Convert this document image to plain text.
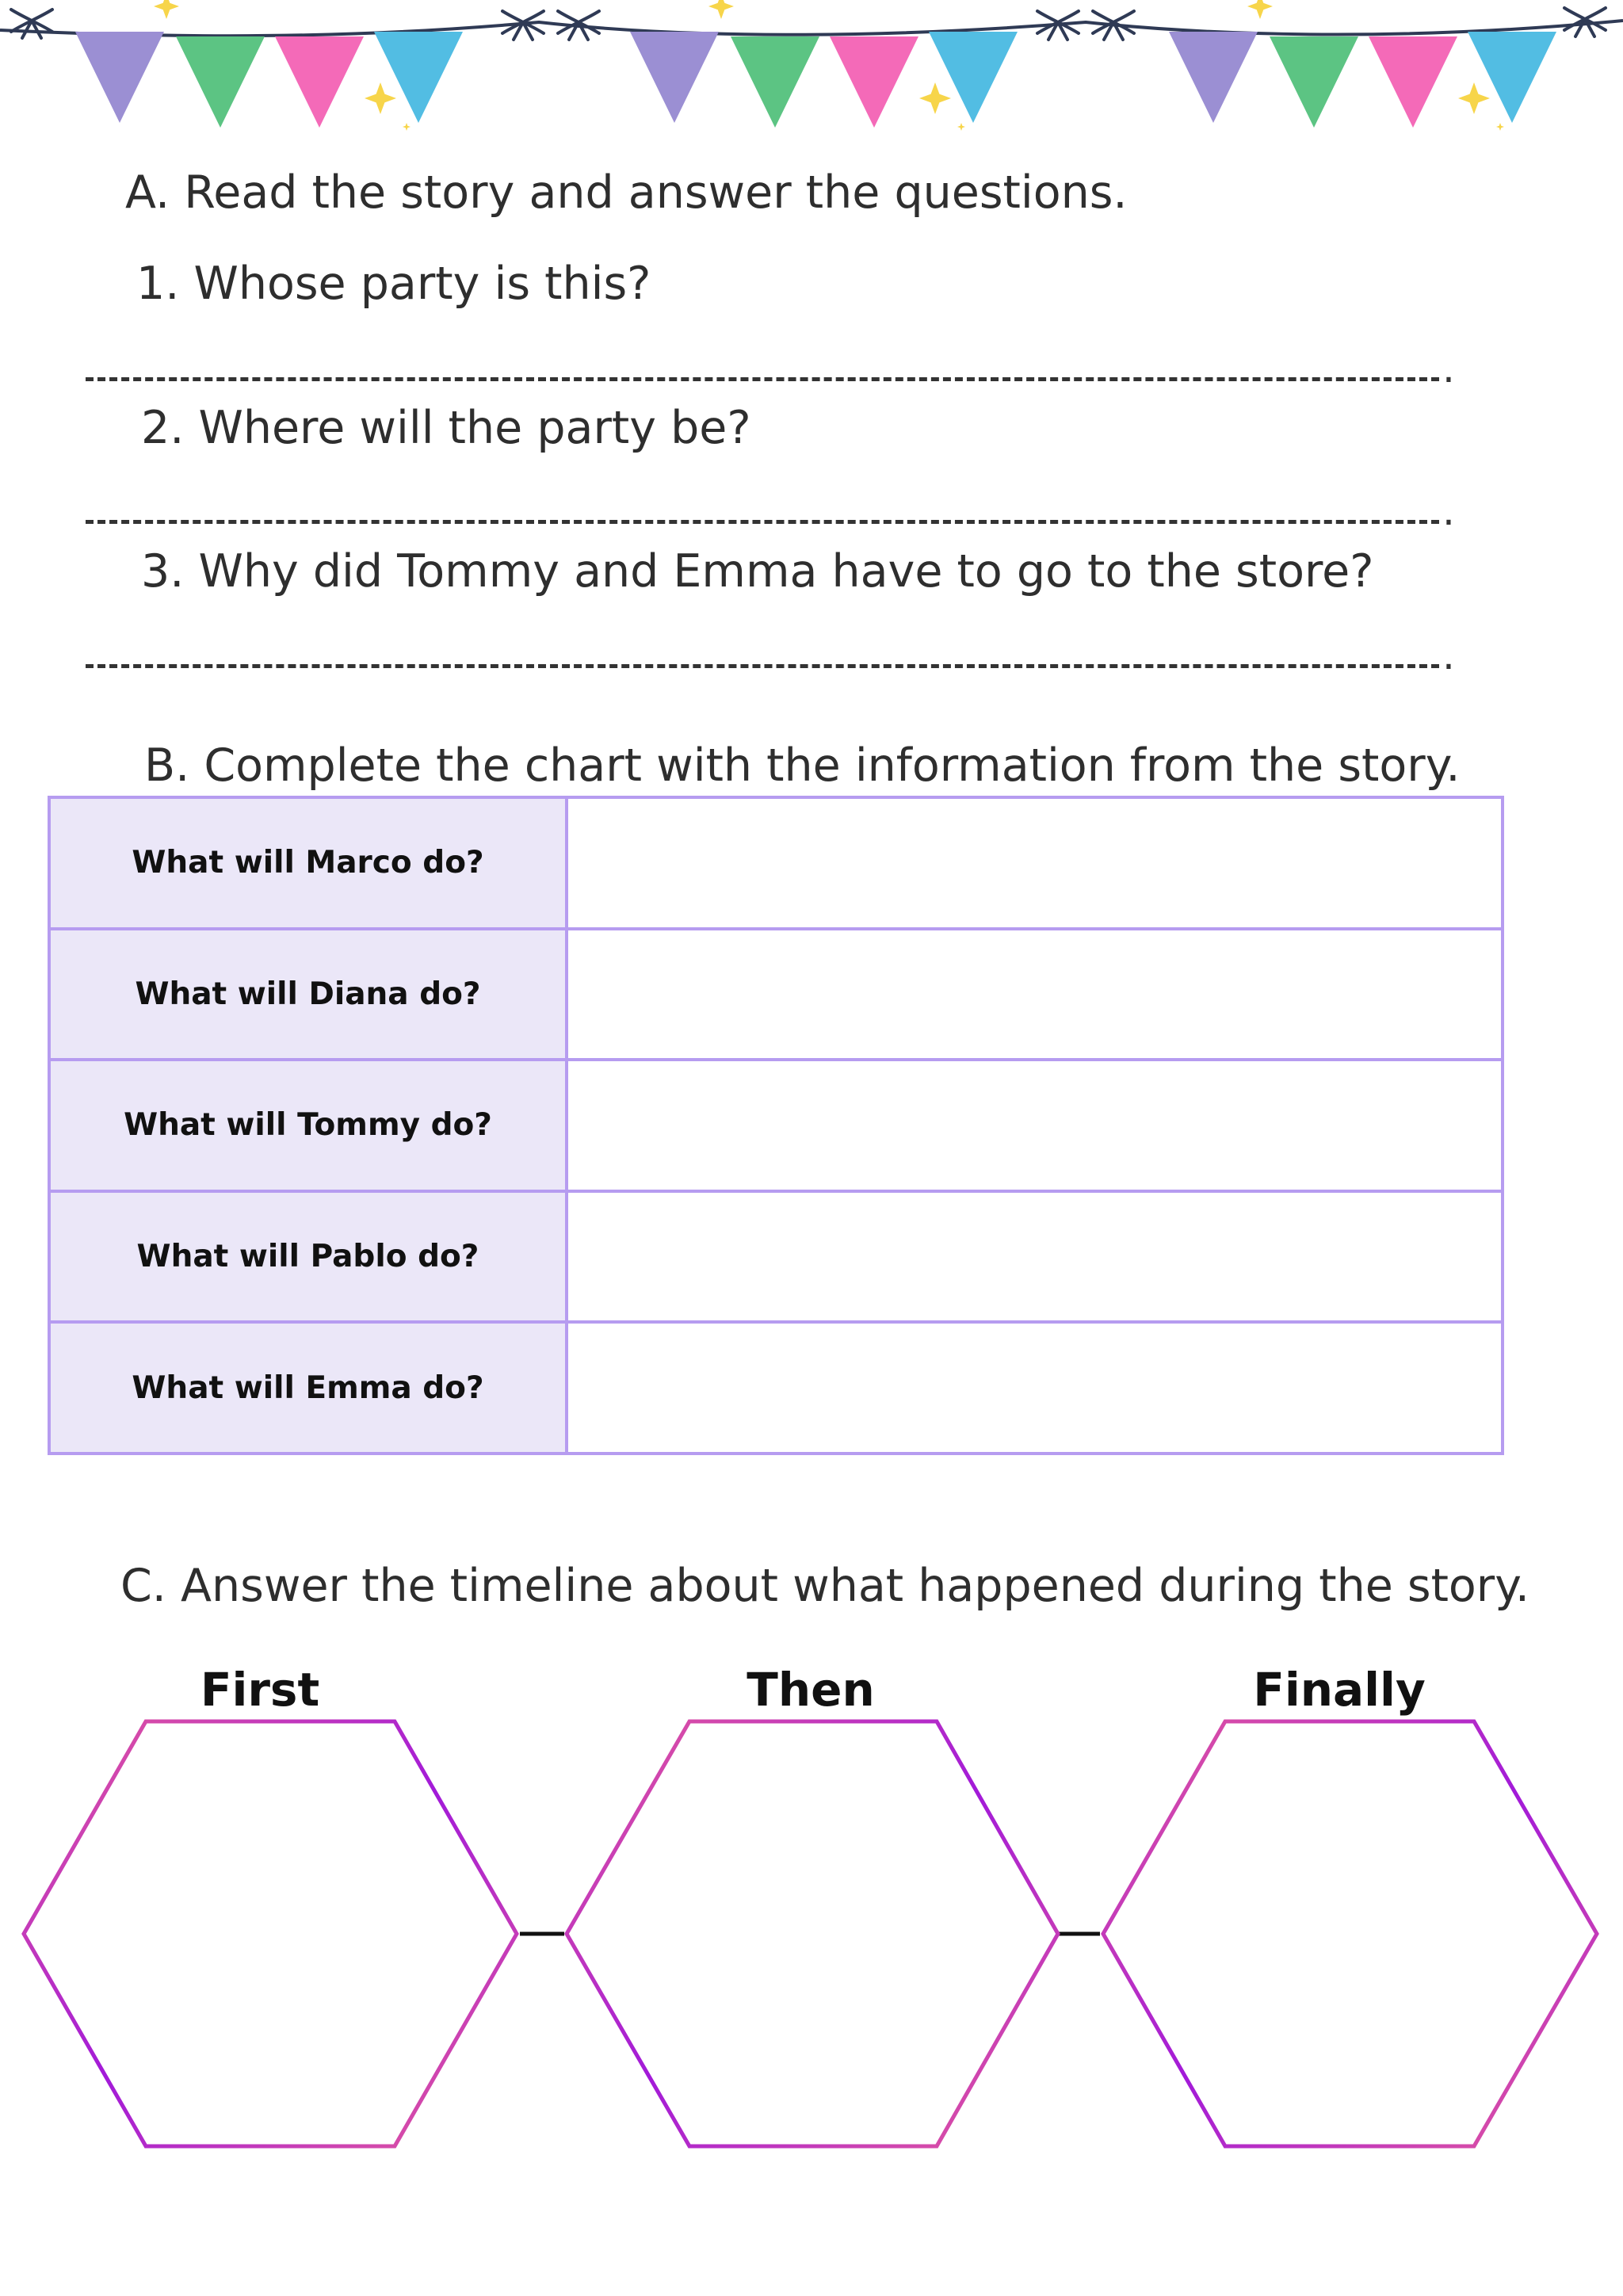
A. Read the story and answer the questions.
1. Whose party is this?
.
2. Where will the party be?
.
3. Why did Tommy and Emma have to go to the store?
.
B. Complete the chart with the information from the story.
What will Marco do?	
What will Diana do?	
What will Tommy do?	
What will Pablo do?	
What will Emma do?	
C. Answer the timeline about what happened during the story.
First	Then	Finally
